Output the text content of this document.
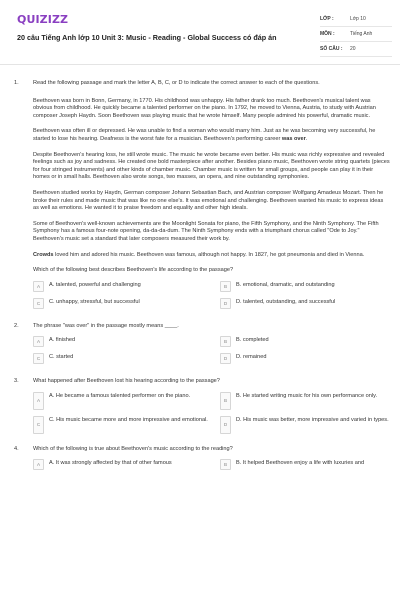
QUIZIZZ
20 câu Tiếng Anh lớp 10 Unit 3: Music - Reading - Global Success có đáp án
LỚP :	Lớp 10
MÔN :	Tiếng Anh
SỐ CÂU :	20
1.	Read the following passage and mark the letter A, B, C, or D to indicate the correct answer to each of the questions.

Beethoven was born in Bonn, Germany, in 1770. His childhood was unhappy. His father drank too much. Beethoven's musical talent was obvious from childhood. He quickly became a talented performer on the piano. In 1792, he moved to Vienna, Austria, to study with Austrian composer Joseph Haydn. Soon Beethoven was playing music that he wrote himself. Many people admired his powerful, dramatic music.

Beethoven was often ill or depressed. He was unable to find a woman who would marry him. Just as he was becoming very successful, he started to lose his hearing. Deafness is the worst fate for a musician. Beethoven's performing career was over.

Despite Beethoven's hearing loss, he still wrote music. The music he wrote became even better. His music was richly expressive and revealed feelings such as joy and sadness. He created one bold masterpiece after another. Besides piano music, Beethoven wrote string quartets (pieces for four stringed instruments) and other kinds of chamber music. Chamber music is written for small groups, and people can play it in their homes or in small halls. Beethoven also wrote songs, two masses, an opera, and nine outstanding symphonies.

Beethoven studied works by Haydn, German composer Johann Sebastian Bach, and Austrian composer Wolfgang Amadeus Mozart. Then he broke their rules and made music that was like no one else's. It was emotional and challenging. Beethoven wanted his music to express ideas as well as emotions. He wanted it to praise freedom and equality and other high ideals.

Some of Beethoven's well-known achievements are the Moonlight Sonata for piano, the Fifth Symphony, and the Ninth Symphony. The Fifth Symphony has a famous four-note opening, da-da-da-dum. The Ninth Symphony ends with a triumphant chorus called "Ode to Joy." Beethoven's music set a standard that later composers measured their work by.

Crowds loved him and adored his music. Beethoven was famous, although not happy. In 1827, he got pneumonia and died in Vienna.

Which of the following best describes Beethoven's life according to the passage?
A	A. talented, powerful and challenging	B	B. emotional, dramatic, and outstanding
C	C. unhappy, stressful, but successful	D	D. talented, outstanding, and successful
2.	The phrase "was over" in the passage mostly means ____.
A	A. finished	B	B. completed
C	C. started	D	D. remained
3.	What happened after Beethoven lost his hearing according to the passage?
A
A. He became a famous talented performer on the piano.
B
B. He started writing music for his own performance only.
C
C. His music became more and more impressive and emotional.
D
D. His music was better, more impressive and varied in types.
4.	Which of the following is true about Beethoven's music according to the reading?
A	A. It was strongly affected by that of other famous	B	B. It helped Beethoven enjoy a life with luxuries and
